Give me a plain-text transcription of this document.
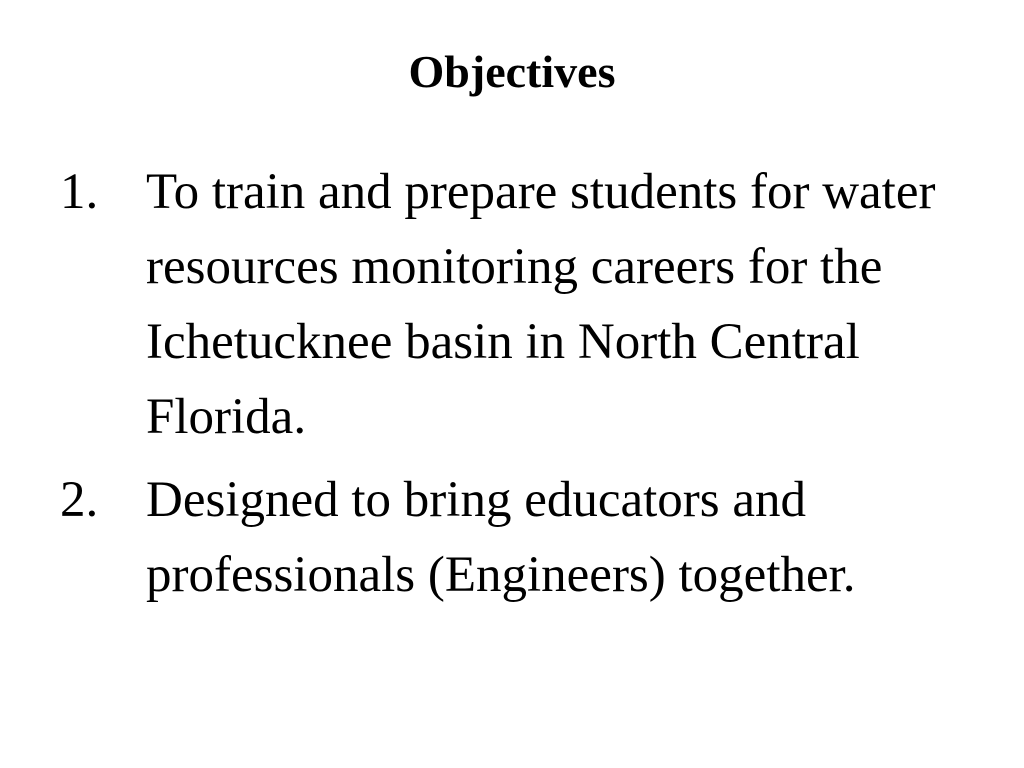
Objectives
1. To train and prepare students for water resources monitoring careers for the Ichetucknee basin in North Central Florida.
2. Designed to bring educators and professionals (Engineers) together.
